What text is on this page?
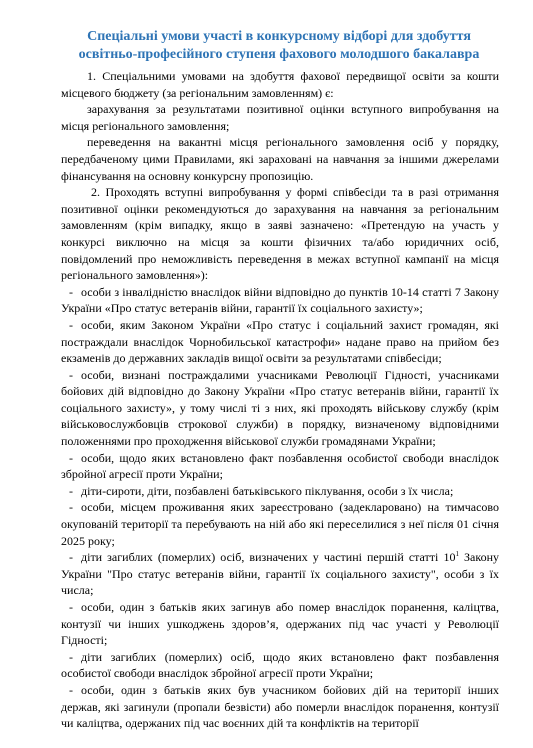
Спеціальні умови участі в конкурсному відборі для здобуття
освітньо-професійного ступеня фахового молодшого бакалавра

1. Спеціальними умовами на здобуття фахової передвищої освіти за кошти місцевого бюджету (за регіональним замовленням) є:

зарахування за результатами позитивної оцінки вступного випробування на місця регіонального замовлення;

переведення на вакантні місця регіонального замовлення осіб у порядку, передбаченому цими Правилами, які зараховані на навчання за іншими джерелами фінансування на основну конкурсну пропозицію.

2. Проходять вступні випробування у формі співбесіди та в разі отримання позитивної оцінки рекомендуються до зарахування на навчання за регіональним замовленням (крім випадку, якщо в заяві зазначено: «Претендую на участь у конкурсі виключно на місця за кошти фізичних та/або юридичних осіб, повідомлений про неможливість переведення в межах вступної кампанії на місця регіонального замовлення»):

- особи з інвалідністю внаслідок війни відповідно до пунктів 10-14 статті 7 Закону України «Про статус ветеранів війни, гарантії їх соціального захисту»;

- особи, яким Законом України «Про статус і соціальний захист громадян, які постраждали внаслідок Чорнобильської катастрофи» надане право на прийом без екзаменів до державних закладів вищої освіти за результатами співбесіди;

- особи, визнані постраждалими учасниками Революції Гідності, учасниками бойових дій відповідно до Закону України «Про статус ветеранів війни, гарантії їх соціального захисту», у тому числі ті з них, які проходять військову службу (крім військовослужбовців строкової служби) в порядку, визначеному відповідними положеннями про проходження військової служби громадянами України;

- особи, щодо яких встановлено факт позбавлення особистої свободи внаслідок збройної агресії проти України;

- діти-сироти, діти, позбавлені батьківського піклування, особи з їх числа;

- особи, місцем проживання яких зареєстровано (задекларовано) на тимчасово окупованій території та перебувають на ній або які переселилися з неї після 01 січня 2025 року;

- діти загиблих (померлих) осіб, визначених у частині першій статті $10^1$ Закону України "Про статус ветеранів війни, гарантії їх соціального захисту", особи з їх числа;

- особи, один з батьків яких загинув або помер внаслідок поранення, каліцтва, контузії чи інших ушкоджень здоров’я, одержаних під час участі у Революції Гідності;

- діти загиблих (померлих) осіб, щодо яких встановлено факт позбавлення особистої свободи внаслідок збройної агресії проти України;

- особи, один з батьків яких був учасником бойових дій на території інших держав, які загинули (пропали безвісти) або померли внаслідок поранення, контузії чи каліцтва, одержаних під час воєнних дій та конфліктів на території
